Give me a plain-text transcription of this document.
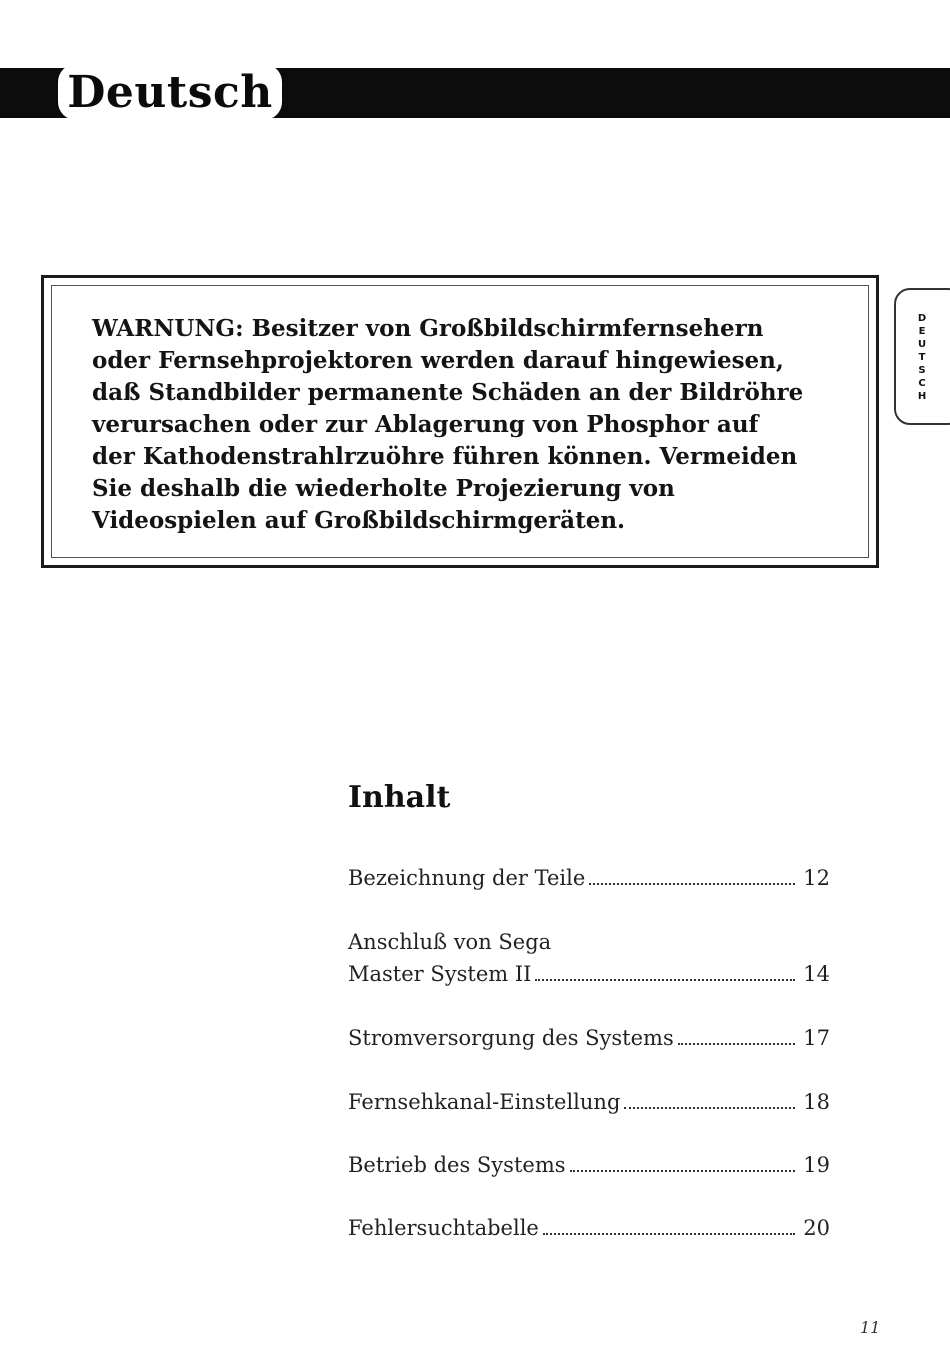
Deutsch
WARNUNG: Besitzer von Großbildschirmfernsehern
oder Fernsehprojektoren werden darauf hingewiesen,
daß Standbilder permanente Schäden an der Bildröhre
verursachen oder zur Ablagerung von Phosphor auf
der Kathodenstrahlrzuöhre führen können. Vermeiden
Sie deshalb die wiederholte Projezierung von
Videospielen auf Großbildschirmgeräten.
D
E
U
T
S
C
H
Inhalt
Bezeichnung der Teile	12
Anschluß von Sega
Master System II	14
Stromversorgung des Systems	17
Fernsehkanal-Einstellung	18
Betrieb des Systems	19
Fehlersuchtabelle	20
11
